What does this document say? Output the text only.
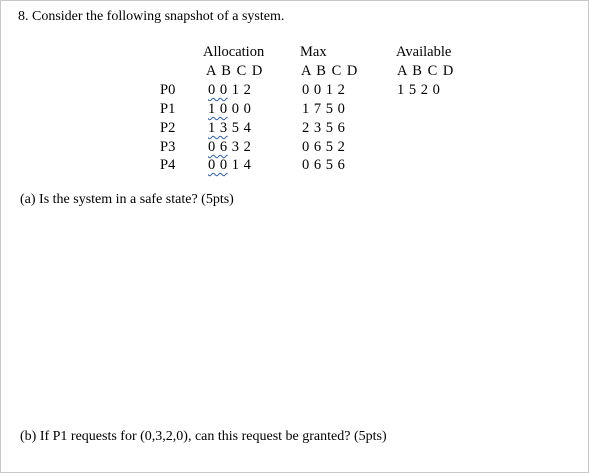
8. Consider the following snapshot of a system.
Allocation Max	Available
A B C D	A B C D	A B C D
P0 0 0 1 2	0 0 1 2	1 5 2 0
P1 1 0 0 0	1 7 5 0
P2 1 3 5 4	2 3 5 6
P3 0 6 3 2	0 6 5 2
P4 0 0 1 4	0 6 5 6
(a) Is the system in a safe state? (5pts)
(b) If P1 requests for (0,3,2,0), can this request be granted? (5pts)
